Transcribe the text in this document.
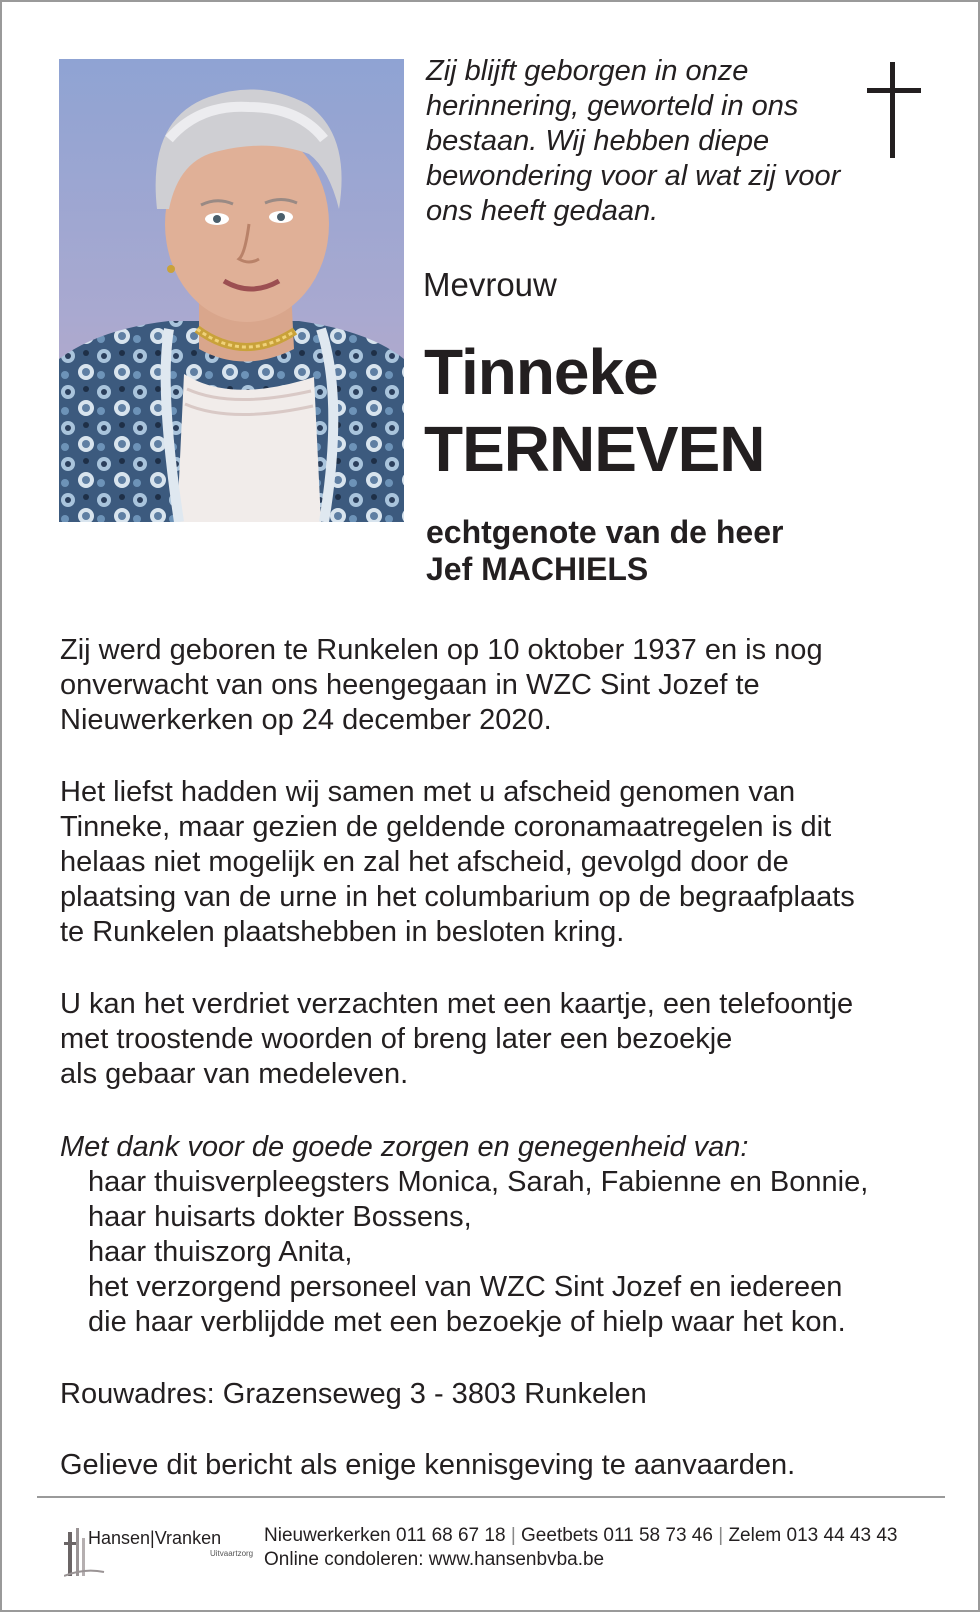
Zij blijft geborgen in onze
herinnering, geworteld in ons
bestaan. Wij hebben diepe
bewondering voor al wat zij voor
ons heeft gedaan.
Mevrouw
Tinneke
TERNEVEN
echtgenote van de heer
Jef MACHIELS
Zij werd geboren te Runkelen op 10 oktober 1937 en is nog
onverwacht van ons heengegaan in WZC Sint Jozef te
Nieuwerkerken op 24 december 2020.
Het liefst hadden wij samen met u afscheid genomen van
Tinneke, maar gezien de geldende coronamaatregelen is dit
helaas niet mogelijk en zal het afscheid, gevolgd door de
plaatsing van de urne in het columbarium op de begraafplaats
te Runkelen plaatshebben in besloten kring.
U kan het verdriet verzachten met een kaartje, een telefoontje
met troostende woorden of breng later een bezoekje
als gebaar van medeleven.
Met dank voor de goede zorgen en genegenheid van:
haar thuisverpleegsters Monica, Sarah, Fabienne en Bonnie,
haar huisarts dokter Bossens,
haar thuiszorg Anita,
het verzorgend personeel van WZC Sint Jozef en iedereen
die haar verblijdde met een bezoekje of hielp waar het kon.
Rouwadres: Grazenseweg 3 - 3803 Runkelen
Gelieve dit bericht als enige kennisgeving te aanvaarden.
Hansen|Vranken
Uitvaartzorg
Nieuwerkerken 011 68 67 18 | Geetbets 011 58 73 46 | Zelem 013 44 43 43
Online condoleren: www.hansenbvba.be
